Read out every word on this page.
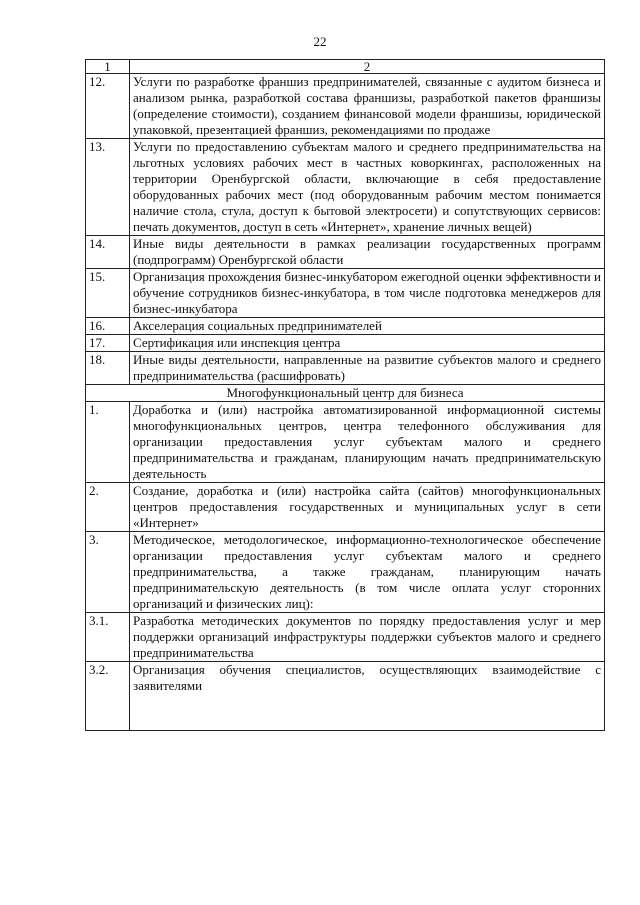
22
1	2
12.	Услуги по разработке франшиз предпринимателей, связанные с аудитом бизнеса и анализом рынка, разработкой состава франшизы, разработкой пакетов франшизы (определение стоимости), созданием финансовой модели франшизы, юридической упаковкой, презентацией франшиз, рекомендациями по продаже
13.	Услуги по предоставлению субъектам малого и среднего предпринимательства на льготных условиях рабочих мест в частных коворкингах, расположенных на территории Оренбургской области, включающие в себя предоставление оборудованных рабочих мест (под оборудованным рабочим местом понимается наличие стола, стула, доступ к бытовой электросети) и сопутствующих сервисов: печать документов, доступ в сеть «Интернет», хранение личных вещей)
14.	Иные виды деятельности в рамках реализации государственных программ (подпрограмм) Оренбургской области
15.	Организация прохождения бизнес-инкубатором ежегодной оценки эффективности и обучение сотрудников бизнес-инкубатора, в том числе подготовка менеджеров для бизнес-инкубатора
16.	Акселерация социальных предпринимателей
17.	Сертификация или инспекция центра
18.	Иные виды деятельности, направленные на развитие субъектов малого и среднего предпринимательства (расшифровать)
Многофункциональный центр для бизнеса	
1.	Доработка и (или) настройка автоматизированной информационной системы многофункциональных центров, центра телефонного обслуживания для организации предоставления услуг субъектам малого и среднего предпринимательства и гражданам, планирующим начать предпринимательскую деятельность
2.	Создание, доработка и (или) настройка сайта (сайтов) многофункциональных центров предоставления государственных и муниципальных услуг в сети «Интернет»
3.	Методическое, методологическое, информационно-технологическое обеспечение организации предоставления услуг субъектам малого и среднего предпринимательства, а также гражданам, планирующим начать предпринимательскую деятельность (в том числе оплата услуг сторонних организаций и физических лиц):
3.1.	Разработка методических документов по порядку предоставления услуг и мер поддержки организаций инфраструктуры поддержки субъектов малого и среднего предпринимательства
3.2.	Организация обучения специалистов, осуществляющих взаимодействие с заявителями
